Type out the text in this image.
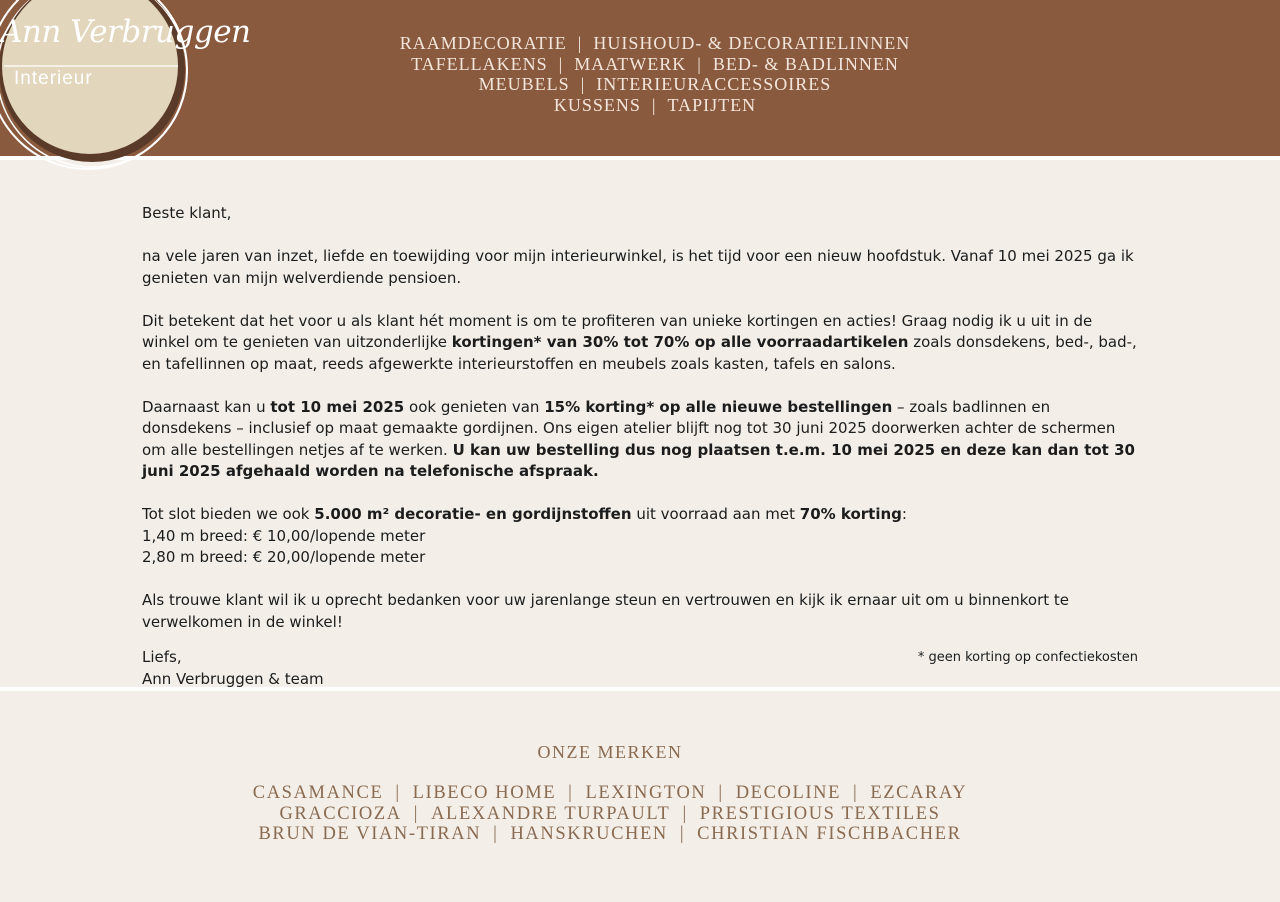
Ann Verbruggen
Interieur
RAAMDECORATIE | HUISHOUD- & DECORATIELINNEN
TAFELLAKENS | MAATWERK | BED- & BADLINNEN
MEUBELS | INTERIEURACCESSOIRES
KUSSENS | TAPIJTEN

Beste klant,

na vele jaren van inzet, liefde en toewijding voor mijn interieurwinkel, is het tijd voor een nieuw hoofdstuk. Vanaf 10 mei 2025 ga ik genieten van mijn welverdiende pensioen.

Dit betekent dat het voor u als klant hét moment is om te profiteren van unieke kortingen en acties! Graag nodig ik u uit in de winkel om te genieten van uitzonderlijke kortingen* van 30% tot 70% op alle voorraadartikelen zoals donsdekens, bed-, bad-, en tafellinnen op maat, reeds afgewerkte interieurstoffen en meubels zoals kasten, tafels en salons.

Daarnaast kan u tot 10 mei 2025 ook genieten van 15% korting* op alle nieuwe bestellingen – zoals badlinnen en donsdekens – inclusief op maat gemaakte gordijnen. Ons eigen atelier blijft nog tot 30 juni 2025 doorwerken achter de schermen om alle bestellingen netjes af te werken. U kan uw bestelling dus nog plaatsen t.e.m. 10 mei 2025 en deze kan dan tot 30 juni 2025 afgehaald worden na telefonische afspraak.

Tot slot bieden we ook 5.000 m² decoratie- en gordijnstoffen uit voorraad aan met 70% korting:

1,40 m breed: € 10,00/lopende meter

2,80 m breed: € 20,00/lopende meter

Als trouwe klant wil ik u oprecht bedanken voor uw jarenlange steun en vertrouwen en kijk ik ernaar uit om u binnenkort te verwelkomen in de winkel!

Liefs,

Ann Verbruggen & team

* geen korting op confectiekosten
ONZE MERKEN
CASAMANCE | LIBECO HOME | LEXINGTON | DECOLINE | EZCARAY
GRACCIOZA | ALEXANDRE TURPAULT | PRESTIGIOUS TEXTILES
BRUN DE VIAN-TIRAN | HANSKRUCHEN | CHRISTIAN FISCHBACHER
